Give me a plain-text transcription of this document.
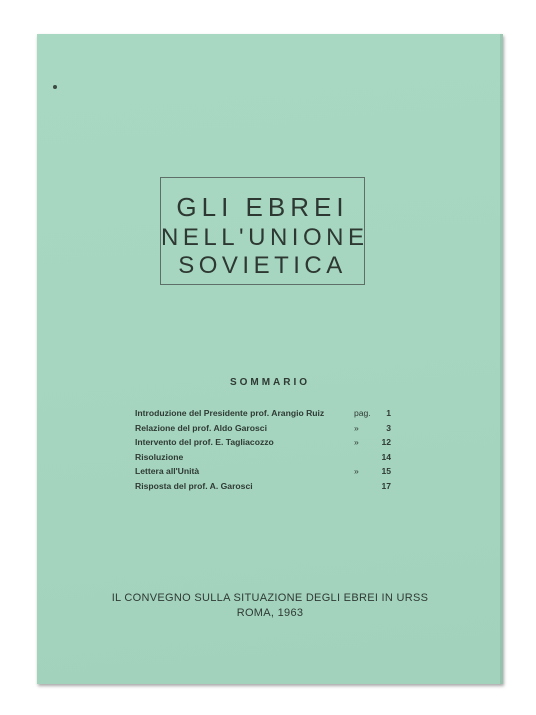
GLI EBREI
NELL'UNIONE
SOVIETICA
SOMMARIO
Introduzione del Presidente prof. Arangio Ruiz	pag. 1
Relazione del prof. Aldo Garosci	»	3
Intervento del prof. E. Tagliacozzo	»	12
Risoluzione	14
Lettera all'Unità	»	15
Risposta del prof. A. Garosci	17
IL CONVEGNO SULLA SITUAZIONE DEGLI EBREI IN URSS
ROMA, 1963
